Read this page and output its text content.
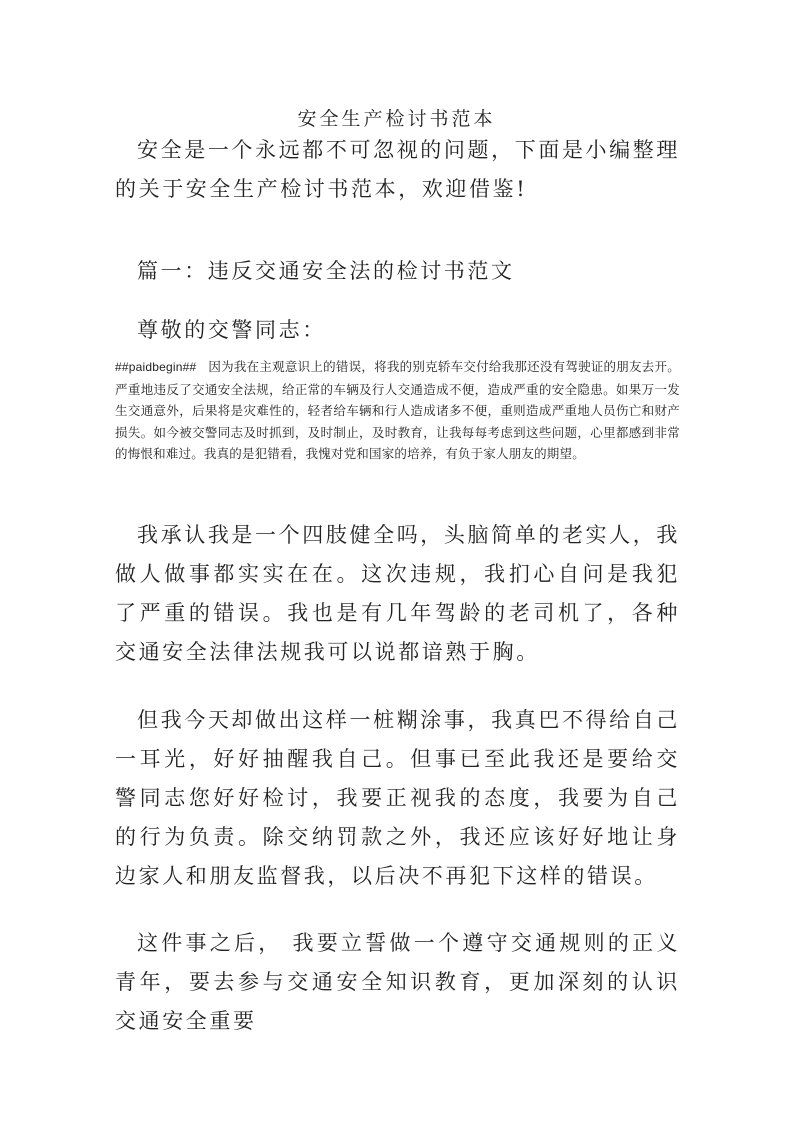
安全生产检讨书范本
安全是一个永远都不可忽视的问题，下面是小编整理的关于安全生产检讨书范本，欢迎借鉴!
篇一：违反交通安全法的检讨书范文
尊敬的交警同志：
##paidbegin## 因为我在主观意识上的错误，将我的别克轿车交付给我那还没有驾驶证的朋友去开。严重地违反了交通安全法规，给正常的车辆及行人交通造成不便，造成严重的安全隐患。如果万一发生交通意外，后果将是灾难性的，轻者给车辆和行人造成诸多不便，重则造成严重地人员伤亡和财产损失。如今被交警同志及时抓到，及时制止，及时教育，让我每每考虑到这些问题，心里都感到非常的悔恨和难过。我真的是犯错看，我愧对党和国家的培养，有负于家人朋友的期望。
我承认我是一个四肢健全吗，头脑简单的老实人，我做人做事都实实在在。这次违规，我扪心自问是我犯了严重的错误。我也是有几年驾龄的老司机了，各种交通安全法律法规我可以说都谙熟于胸。
但我今天却做出这样一桩糊涂事，我真巴不得给自己一耳光，好好抽醒我自己。但事已至此我还是要给交警同志您好好检讨，我要正视我的态度，我要为自己的行为负责。除交纳罚款之外，我还应该好好地让身边家人和朋友监督我，以后决不再犯下这样的错误。
这件事之后， 我要立誓做一个遵守交通规则的正义青年，要去参与交通安全知识教育，更加深刻的认识交通安全重要
